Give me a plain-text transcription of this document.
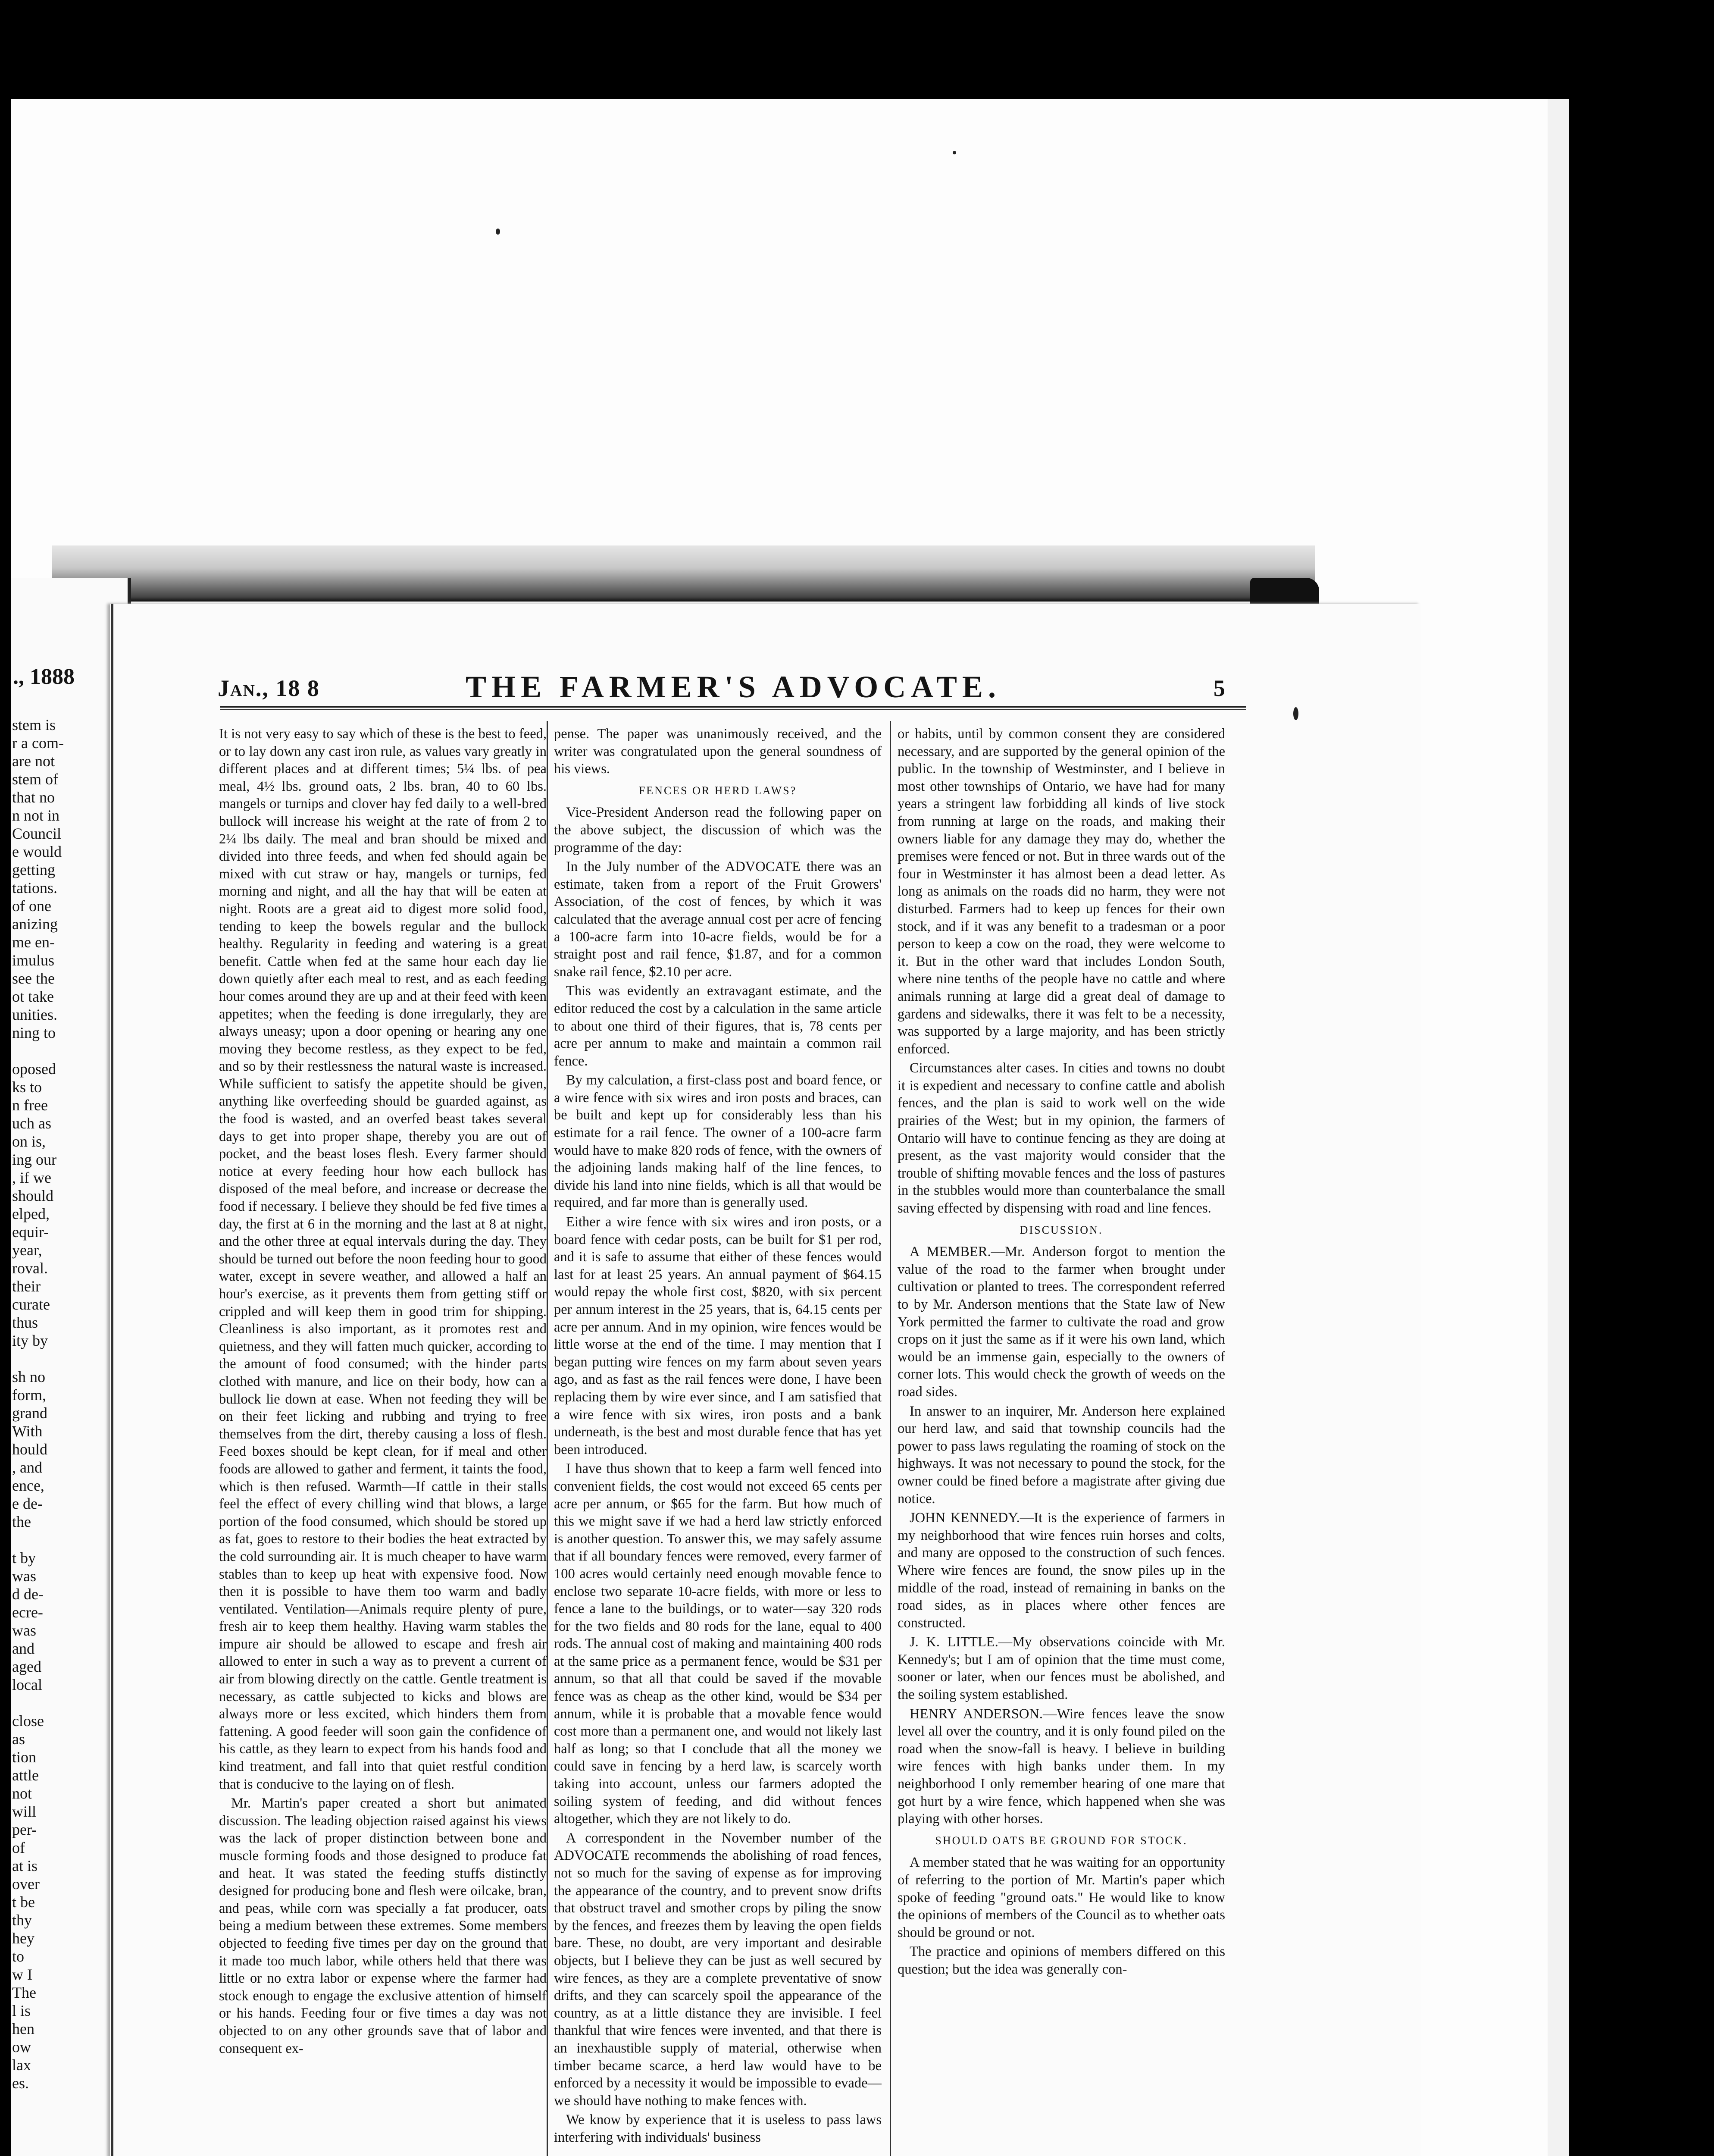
., 1888
stem is
r a com-
are not
stem of
that no
n not in
Council
e would
getting
tations.
of one
anizing
me en-
imulus
see the
ot take
unities.
ning to

oposed
ks to
n free
uch as
on is,
ing our
, if we
should
elped,
equir-
year,
roval.
their
curate
thus
ity by

sh no
form,
grand
With
hould
, and
ence,
e de-
the

t by
was
d de-
ecre-
was
and
aged
local

close
as
tion
attle
not
will
per-
of
at is
over
t be
thy
hey
to
w I
The
l is
hen
ow
lax
es.
Jan., 18 8	THE FARMER'S ADVOCATE.	5

It is not very easy to say which of these is the best to feed, or to lay down any cast iron rule, as values vary greatly in different places and at different times; 5¼ lbs. of pea meal, 4½ lbs. ground oats, 2 lbs. bran, 40 to 60 lbs. mangels or turnips and clover hay fed daily to a well-bred bullock will increase his weight at the rate of from 2 to 2¼ lbs daily. The meal and bran should be mixed and divided into three feeds, and when fed should again be mixed with cut straw or hay, mangels or turnips, fed morning and night, and all the hay that will be eaten at night. Roots are a great aid to digest more solid food, tending to keep the bowels regular and the bullock healthy. Regularity in feeding and watering is a great benefit. Cattle when fed at the same hour each day lie down quietly after each meal to rest, and as each feeding hour comes around they are up and at their feed with keen appetites; when the feeding is done irregularly, they are always uneasy; upon a door opening or hearing any one moving they become restless, as they expect to be fed, and so by their restlessness the natural waste is increased. While sufficient to satisfy the appetite should be given, anything like overfeeding should be guarded against, as the food is wasted, and an overfed beast takes several days to get into proper shape, thereby you are out of pocket, and the beast loses flesh. Every farmer should notice at every feeding hour how each bullock has disposed of the meal before, and increase or decrease the food if necessary. I believe they should be fed five times a day, the first at 6 in the morning and the last at 8 at night, and the other three at equal intervals during the day. They should be turned out before the noon feeding hour to good water, except in severe weather, and allowed a half an hour's exercise, as it prevents them from getting stiff or crippled and will keep them in good trim for shipping. Cleanliness is also important, as it promotes rest and quietness, and they will fatten much quicker, according to the amount of food consumed; with the hinder parts clothed with manure, and lice on their body, how can a bullock lie down at ease. When not feeding they will be on their feet licking and rubbing and trying to free themselves from the dirt, thereby causing a loss of flesh. Feed boxes should be kept clean, for if meal and other foods are allowed to gather and ferment, it taints the food, which is then refused. Warmth—If cattle in their stalls feel the effect of every chilling wind that blows, a large portion of the food consumed, which should be stored up as fat, goes to restore to their bodies the heat extracted by the cold surrounding air. It is much cheaper to have warm stables than to keep up heat with expensive food. Now then it is possible to have them too warm and badly ventilated. Ventilation—Animals require plenty of pure, fresh air to keep them healthy. Having warm stables the impure air should be allowed to escape and fresh air allowed to enter in such a way as to prevent a current of air from blowing directly on the cattle. Gentle treatment is necessary, as cattle subjected to kicks and blows are always more or less excited, which hinders them from fattening. A good feeder will soon gain the confidence of his cattle, as they learn to expect from his hands food and kind treatment, and fall into that quiet restful condition that is conducive to the laying on of flesh.

Mr. Martin's paper created a short but animated discussion. The leading objection raised against his views was the lack of proper distinction between bone and muscle forming foods and those designed to produce fat and heat. It was stated the feeding stuffs distinctly designed for producing bone and flesh were oilcake, bran, and peas, while corn was specially a fat producer, oats being a medium between these extremes. Some members objected to feeding five times per day on the ground that it made too much labor, while others held that there was little or no extra labor or expense where the farmer had stock enough to engage the exclusive attention of himself or his hands. Feeding four or five times a day was not objected to on any other grounds save that of labor and consequent ex-

pense. The paper was unanimously received, and the writer was congratulated upon the general soundness of his views.

FENCES OR HERD LAWS?

Vice-President Anderson read the following paper on the above subject, the discussion of which was the programme of the day:

In the July number of the ADVOCATE there was an estimate, taken from a report of the Fruit Growers' Association, of the cost of fences, by which it was calculated that the average annual cost per acre of fencing a 100-acre farm into 10-acre fields, would be for a straight post and rail fence, $1.87, and for a common snake rail fence, $2.10 per acre.

This was evidently an extravagant estimate, and the editor reduced the cost by a calculation in the same article to about one third of their figures, that is, 78 cents per acre per annum to make and maintain a common rail fence.

By my calculation, a first-class post and board fence, or a wire fence with six wires and iron posts and braces, can be built and kept up for considerably less than his estimate for a rail fence. The owner of a 100-acre farm would have to make 820 rods of fence, with the owners of the adjoining lands making half of the line fences, to divide his land into nine fields, which is all that would be required, and far more than is generally used.

Either a wire fence with six wires and iron posts, or a board fence with cedar posts, can be built for $1 per rod, and it is safe to assume that either of these fences would last for at least 25 years. An annual payment of $64.15 would repay the whole first cost, $820, with six percent per annum interest in the 25 years, that is, 64.15 cents per acre per annum. And in my opinion, wire fences would be little worse at the end of the time. I may mention that I began putting wire fences on my farm about seven years ago, and as fast as the rail fences were done, I have been replacing them by wire ever since, and I am satisfied that a wire fence with six wires, iron posts and a bank underneath, is the best and most durable fence that has yet been introduced.

I have thus shown that to keep a farm well fenced into convenient fields, the cost would not exceed 65 cents per acre per annum, or $65 for the farm. But how much of this we might save if we had a herd law strictly enforced is another question. To answer this, we may safely assume that if all boundary fences were removed, every farmer of 100 acres would certainly need enough movable fence to enclose two separate 10-acre fields, with more or less to fence a lane to the buildings, or to water—say 320 rods for the two fields and 80 rods for the lane, equal to 400 rods. The annual cost of making and maintaining 400 rods at the same price as a permanent fence, would be $31 per annum, so that all that could be saved if the movable fence was as cheap as the other kind, would be $34 per annum, while it is probable that a movable fence would cost more than a permanent one, and would not likely last half as long; so that I conclude that all the money we could save in fencing by a herd law, is scarcely worth taking into account, unless our farmers adopted the soiling system of feeding, and did without fences altogether, which they are not likely to do.

A correspondent in the November number of the ADVOCATE recommends the abolishing of road fences, not so much for the saving of expense as for improving the appearance of the country, and to prevent snow drifts that obstruct travel and smother crops by piling the snow by the fences, and freezes them by leaving the open fields bare. These, no doubt, are very important and desirable objects, but I believe they can be just as well secured by wire fences, as they are a complete preventative of snow drifts, and they can scarcely spoil the appearance of the country, as at a little distance they are invisible. I feel thankful that wire fences were invented, and that there is an inexhaustible supply of material, otherwise when timber became scarce, a herd law would have to be enforced by a necessity it would be impossible to evade—we should have nothing to make fences with.

We know by experience that it is useless to pass laws interfering with individuals' business

or habits, until by common consent they are considered necessary, and are supported by the general opinion of the public. In the township of Westminster, and I believe in most other townships of Ontario, we have had for many years a stringent law forbidding all kinds of live stock from running at large on the roads, and making their owners liable for any damage they may do, whether the premises were fenced or not. But in three wards out of the four in Westminster it has almost been a dead letter. As long as animals on the roads did no harm, they were not disturbed. Farmers had to keep up fences for their own stock, and if it was any benefit to a tradesman or a poor person to keep a cow on the road, they were welcome to it. But in the other ward that includes London South, where nine tenths of the people have no cattle and where animals running at large did a great deal of damage to gardens and sidewalks, there it was felt to be a necessity, was supported by a large majority, and has been strictly enforced.

Circumstances alter cases. In cities and towns no doubt it is expedient and necessary to confine cattle and abolish fences, and the plan is said to work well on the wide prairies of the West; but in my opinion, the farmers of Ontario will have to continue fencing as they are doing at present, as the vast majority would consider that the trouble of shifting movable fences and the loss of pastures in the stubbles would more than counterbalance the small saving effected by dispensing with road and line fences.

DISCUSSION.

A MEMBER.—Mr. Anderson forgot to mention the value of the road to the farmer when brought under cultivation or planted to trees. The correspondent referred to by Mr. Anderson mentions that the State law of New York permitted the farmer to cultivate the road and grow crops on it just the same as if it were his own land, which would be an immense gain, especially to the owners of corner lots. This would check the growth of weeds on the road sides.

In answer to an inquirer, Mr. Anderson here explained our herd law, and said that township councils had the power to pass laws regulating the roaming of stock on the highways. It was not necessary to pound the stock, for the owner could be fined before a magistrate after giving due notice.

JOHN KENNEDY.—It is the experience of farmers in my neighborhood that wire fences ruin horses and colts, and many are opposed to the construction of such fences. Where wire fences are found, the snow piles up in the middle of the road, instead of remaining in banks on the road sides, as in places where other fences are constructed.

J. K. LITTLE.—My observations coincide with Mr. Kennedy's; but I am of opinion that the time must come, sooner or later, when our fences must be abolished, and the soiling system established.

HENRY ANDERSON.—Wire fences leave the snow level all over the country, and it is only found piled on the road when the snow-fall is heavy. I believe in building wire fences with high banks under them. In my neighborhood I only remember hearing of one mare that got hurt by a wire fence, which happened when she was playing with other horses.

SHOULD OATS BE GROUND FOR STOCK.

A member stated that he was waiting for an opportunity of referring to the portion of Mr. Martin's paper which spoke of feeding "ground oats." He would like to know the opinions of members of the Council as to whether oats should be ground or not.

The practice and opinions of members differed on this question; but the idea was generally con-
